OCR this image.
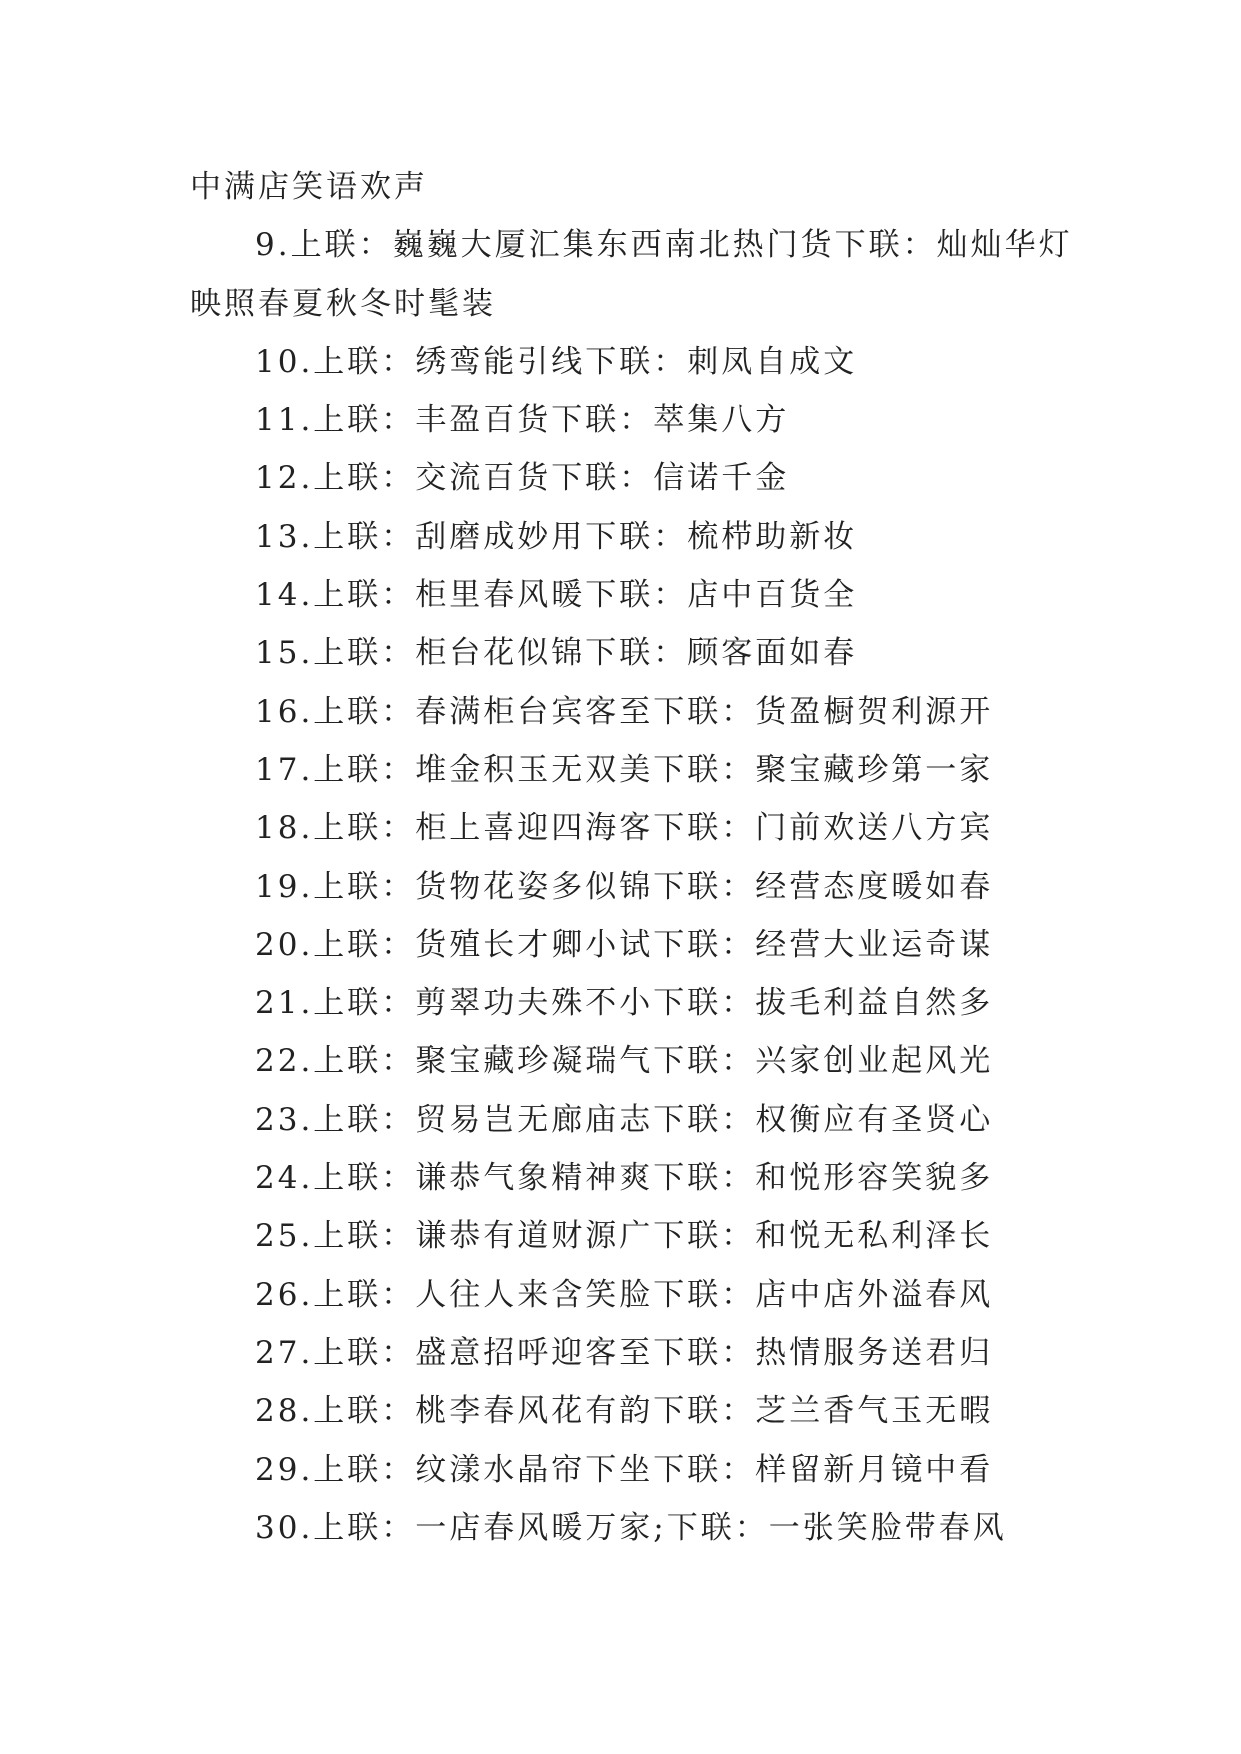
中满店笑语欢声
9.上联：巍巍大厦汇集东西南北热门货下联：灿灿华灯
映照春夏秋冬时髦装
10.上联：绣鸾能引线下联：刺凤自成文
11.上联：丰盈百货下联：萃集八方
12.上联：交流百货下联：信诺千金
13.上联：刮磨成妙用下联：梳栉助新妆
14.上联：柜里春风暖下联：店中百货全
15.上联：柜台花似锦下联：顾客面如春
16.上联：春满柜台宾客至下联：货盈橱贺利源开
17.上联：堆金积玉无双美下联：聚宝藏珍第一家
18.上联：柜上喜迎四海客下联：门前欢送八方宾
19.上联：货物花姿多似锦下联：经营态度暖如春
20.上联：货殖长才卿小试下联：经营大业运奇谋
21.上联：剪翠功夫殊不小下联：拔毛利益自然多
22.上联：聚宝藏珍凝瑞气下联：兴家创业起风光
23.上联：贸易岂无廊庙志下联：权衡应有圣贤心
24.上联：谦恭气象精神爽下联：和悦形容笑貌多
25.上联：谦恭有道财源广下联：和悦无私利泽长
26.上联：人往人来含笑脸下联：店中店外溢春风
27.上联：盛意招呼迎客至下联：热情服务送君归
28.上联：桃李春风花有韵下联：芝兰香气玉无暇
29.上联：纹漾水晶帘下坐下联：样留新月镜中看
30.上联：一店春风暖万家;下联：一张笑脸带春风
